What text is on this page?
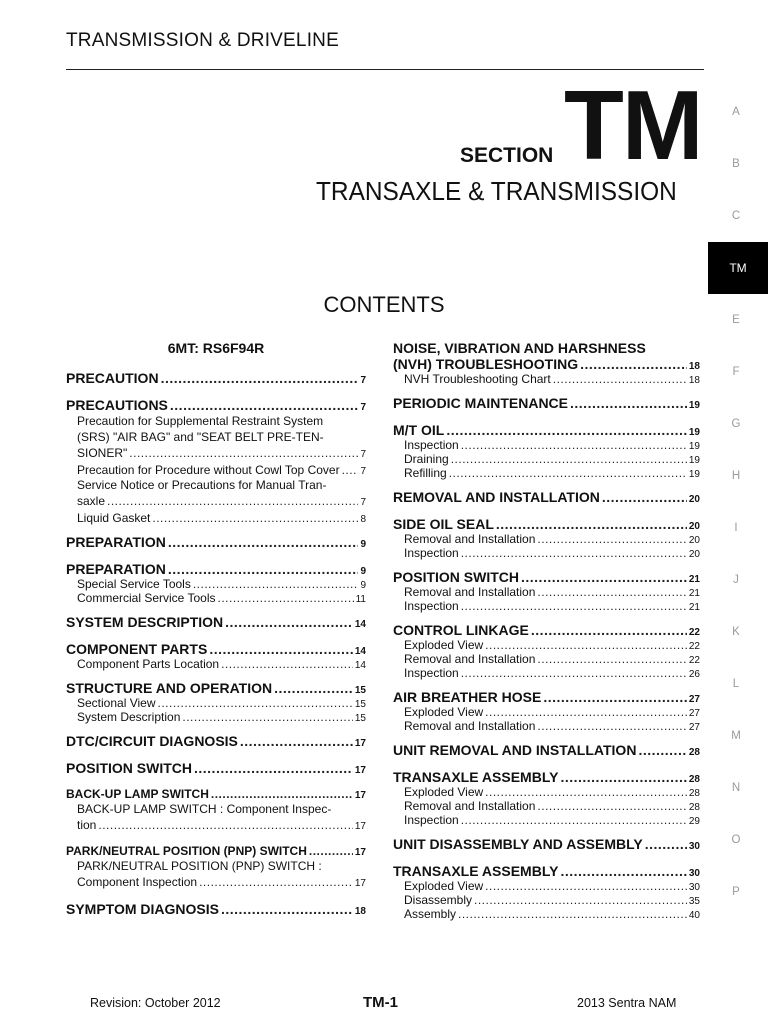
TRANSMISSION & DRIVELINE
SECTION TM
TRANSAXLE & TRANSMISSION
CONTENTS
A
B
C
TM
E
F
G
H
I
J
K
L
M
N
O
P
6MT: RS6F94R
PRECAUTION .....	7
PRECAUTIONS .....	7
Precaution for Supplemental Restraint System
(SRS) "AIR BAG" and "SEAT BELT PRE-TEN-
SIONER" .....	7
Precaution for Procedure without Cowl Top Cover ..... 7
Service Notice or Precautions for Manual Tran-
saxle .....	7
Liquid Gasket .....	8
PREPARATION .....	9
PREPARATION .....	9
Special Service Tools .....	9
Commercial Service Tools .....	11
SYSTEM DESCRIPTION .....	14
COMPONENT PARTS .....	14
Component Parts Location .....	14
STRUCTURE AND OPERATION .....	15
Sectional View .....	15
System Description .....	15
DTC/CIRCUIT DIAGNOSIS .....	17
POSITION SWITCH .....	17
BACK-UP LAMP SWITCH .....	17
BACK-UP LAMP SWITCH : Component Inspec-
tion .....	17
PARK/NEUTRAL POSITION (PNP) SWITCH .....	17
PARK/NEUTRAL POSITION (PNP) SWITCH :
Component Inspection .....	17
SYMPTOM DIAGNOSIS .....	18
NOISE, VIBRATION AND HARSHNESS
(NVH) TROUBLESHOOTING .....	18
NVH Troubleshooting Chart .....	18
PERIODIC MAINTENANCE .....	19
M/T OIL .....	19
Inspection .....	19
Draining .....	19
Refilling .....	19
REMOVAL AND INSTALLATION .....	20
SIDE OIL SEAL .....	20
Removal and Installation .....	20
Inspection .....	20
POSITION SWITCH .....	21
Removal and Installation .....	21
Inspection .....	21
CONTROL LINKAGE .....	22
Exploded View .....	22
Removal and Installation .....	22
Inspection .....	26
AIR BREATHER HOSE .....	27
Exploded View .....	27
Removal and Installation .....	27
UNIT REMOVAL AND INSTALLATION .....	28
TRANSAXLE ASSEMBLY .....	28
Exploded View .....	28
Removal and Installation .....	28
Inspection .....	29
UNIT DISASSEMBLY AND ASSEMBLY .....	30
TRANSAXLE ASSEMBLY .....	30
Exploded View .....	30
Disassembly .....	35
Assembly .....	40
Revision: October 2012	TM-1	2013 Sentra NAM
